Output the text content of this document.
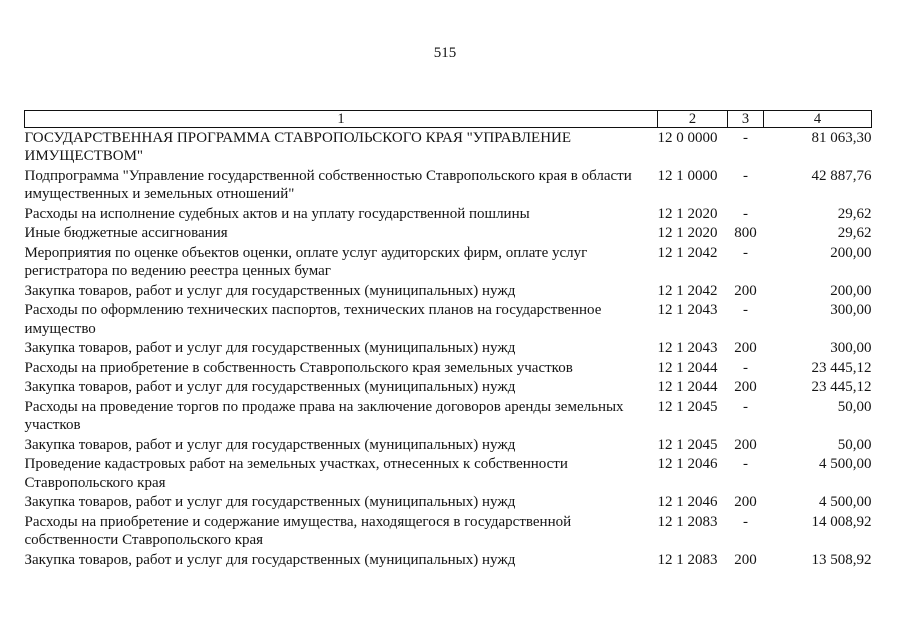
515
1	2	3	4
ГОСУДАРСТВЕННАЯ ПРОГРАММА СТАВРОПОЛЬСКОГО КРАЯ "УПРАВЛЕНИЕ ИМУЩЕСТВОМ"	12 0 0000	-	81 063,30
Подпрограмма "Управление государственной собственностью Ставропольского края в области имущественных и земельных отношений"	12 1 0000	-	42 887,76
Расходы на исполнение судебных актов и на уплату государственной пошлины	12 1 2020	-	29,62
Иные бюджетные ассигнования	12 1 2020	800	29,62
Мероприятия по оценке объектов оценки, оплате услуг аудиторских фирм, оплате услуг регистратора по ведению реестра ценных бумаг	12 1 2042	-	200,00
Закупка товаров, работ и услуг для государственных (муниципальных) нужд	12 1 2042	200	200,00
Расходы по оформлению технических паспортов, технических планов на государственное имущество	12 1 2043	-	300,00
Закупка товаров, работ и услуг для государственных (муниципальных) нужд	12 1 2043	200	300,00
Расходы на приобретение в собственность Ставропольского края земельных участков	12 1 2044	-	23 445,12
Закупка товаров, работ и услуг для государственных (муниципальных) нужд	12 1 2044	200	23 445,12
Расходы на проведение торгов по продаже права на заключение договоров аренды земельных участков	12 1 2045	-	50,00
Закупка товаров, работ и услуг для государственных (муниципальных) нужд	12 1 2045	200	50,00
Проведение кадастровых работ на земельных участках, отнесенных к собственности Ставропольского края	12 1 2046	-	4 500,00
Закупка товаров, работ и услуг для государственных (муниципальных) нужд	12 1 2046	200	4 500,00
Расходы на приобретение и содержание имущества, находящегося в государственной собственности Ставропольского края	12 1 2083	-	14 008,92
Закупка товаров, работ и услуг для государственных (муниципальных) нужд	12 1 2083	200	13 508,92
